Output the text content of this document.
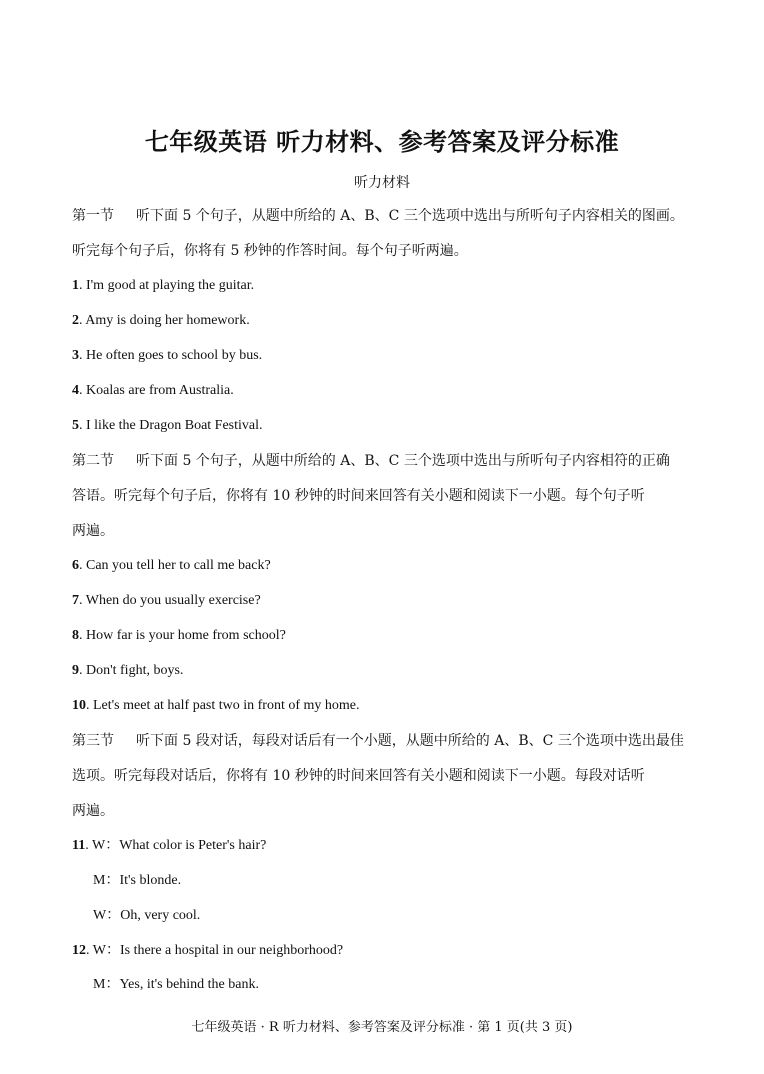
七年级英语 听力材料、参考答案及评分标准
听力材料
第一节 听下面 5 个句子，从题中所给的 A、B、C 三个选项中选出与所听句子内容相关的图画。
听完每个句子后，你将有 5 秒钟的作答时间。每个句子听两遍。
1. I'm good at playing the guitar.
2. Amy is doing her homework.
3. He often goes to school by bus.
4. Koalas are from Australia.
5. I like the Dragon Boat Festival.
第二节 听下面 5 个句子，从题中所给的 A、B、C 三个选项中选出与所听句子内容相符的正确
答语。听完每个句子后，你将有 10 秒钟的时间来回答有关小题和阅读下一小题。每个句子听
两遍。
6. Can you tell her to call me back?
7. When do you usually exercise?
8. How far is your home from school?
9. Don't fight, boys.
10. Let's meet at half past two in front of my home.
第三节 听下面 5 段对话，每段对话后有一个小题，从题中所给的 A、B、C 三个选项中选出最佳
选项。听完每段对话后，你将有 10 秒钟的时间来回答有关小题和阅读下一小题。每段对话听
两遍。
11. W：What color is Peter's hair?
M：It's blonde.
W：Oh, very cool.
12. W：Is there a hospital in our neighborhood?
M：Yes, it's behind the bank.
七年级英语 · R 听力材料、参考答案及评分标准 · 第 1 页(共 3 页)
